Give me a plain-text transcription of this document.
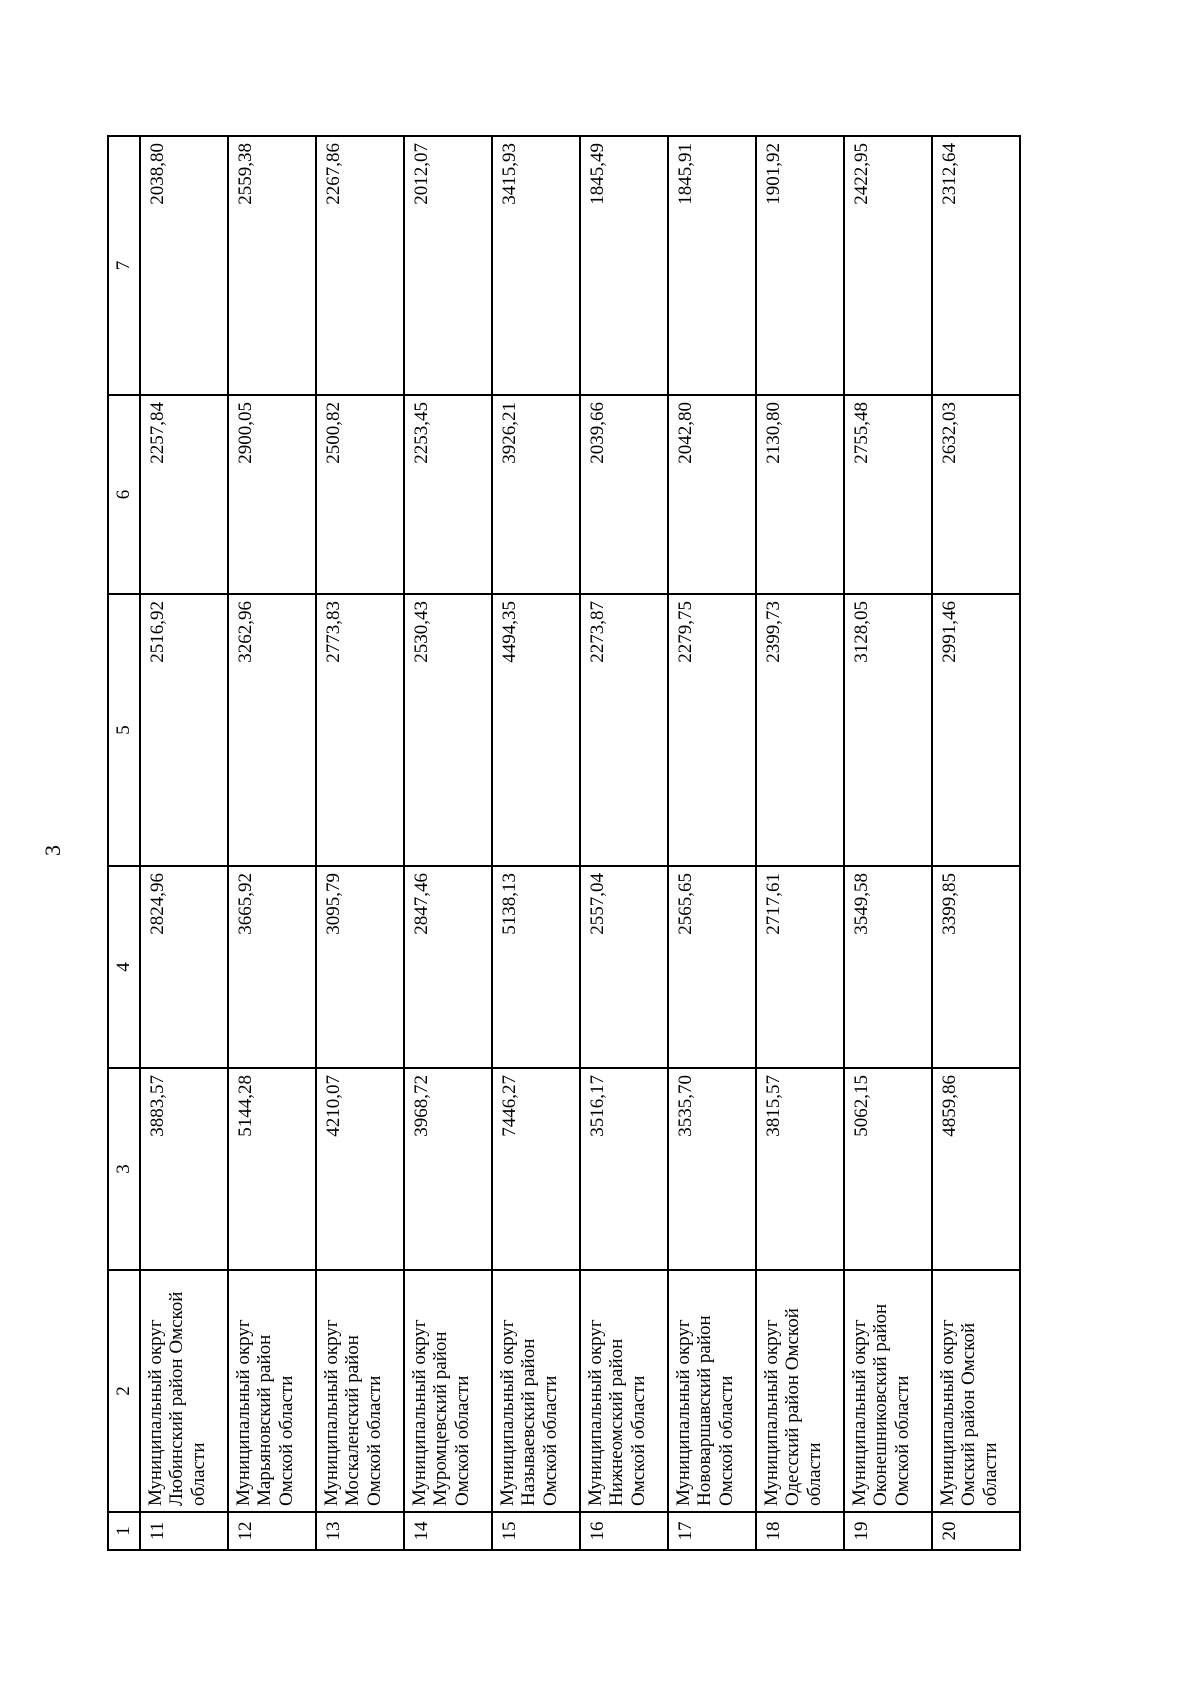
3
1	2	3	4	5	6	7
11	Муниципальный округ Любинский район Омской области	3883,57	2824,96	2516,92	2257,84	2038,80
12	Муниципальный округ Марьяновский район Омской области	5144,28	3665,92	3262,96	2900,05	2559,38
13	Муниципальный округ Москаленский район Омской области	4210,07	3095,79	2773,83	2500,82	2267,86
14	Муниципальный округ Муромцевский район Омской области	3968,72	2847,46	2530,43	2253,45	2012,07
15	Муниципальный округ Называевский район Омской области	7446,27	5138,13	4494,35	3926,21	3415,93
16	Муниципальный округ Нижнеомский район Омской области	3516,17	2557,04	2273,87	2039,66	1845,49
17	Муниципальный округ Нововаршавский район Омской области	3535,70	2565,65	2279,75	2042,80	1845,91
18	Муниципальный округ Одесский район Омской области	3815,57	2717,61	2399,73	2130,80	1901,92
19	Муниципальный округ Оконешниковский район Омской области	5062,15	3549,58	3128,05	2755,48	2422,95
20	Муниципальный округ Омский район Омской области	4859,86	3399,85	2991,46	2632,03	2312,64
